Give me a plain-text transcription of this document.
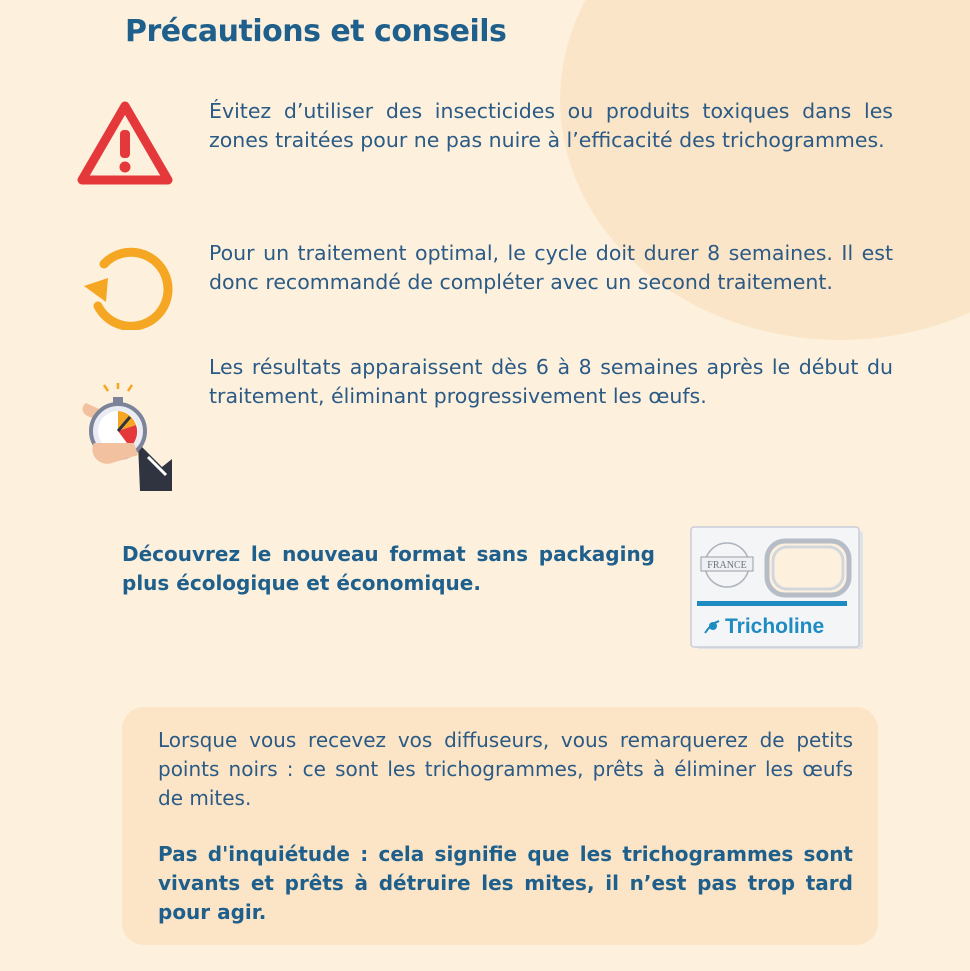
Précautions et conseils
Évitez d’utiliser des insecticides ou produits toxiques dans les zones traitées pour ne pas nuire à l’efficacité des trichogrammes.
Pour un traitement optimal, le cycle doit durer 8 semaines. Il est donc recommandé de compléter avec un second traitement.
Les résultats apparaissent dès 6 à 8 semaines après le début du traitement, éliminant progressivement les œufs.
Découvrez le nouveau format sans packaging plus écologique et économique.
FRANCE
Tricholine
Lorsque vous recevez vos diffuseurs, vous remarquerez de petits points noirs : ce sont les trichogrammes, prêts à éliminer les œufs de mites.
Pas d'inquiétude : cela signifie que les trichogrammes sont vivants et prêts à détruire les mites, il n’est pas trop tard pour agir.
